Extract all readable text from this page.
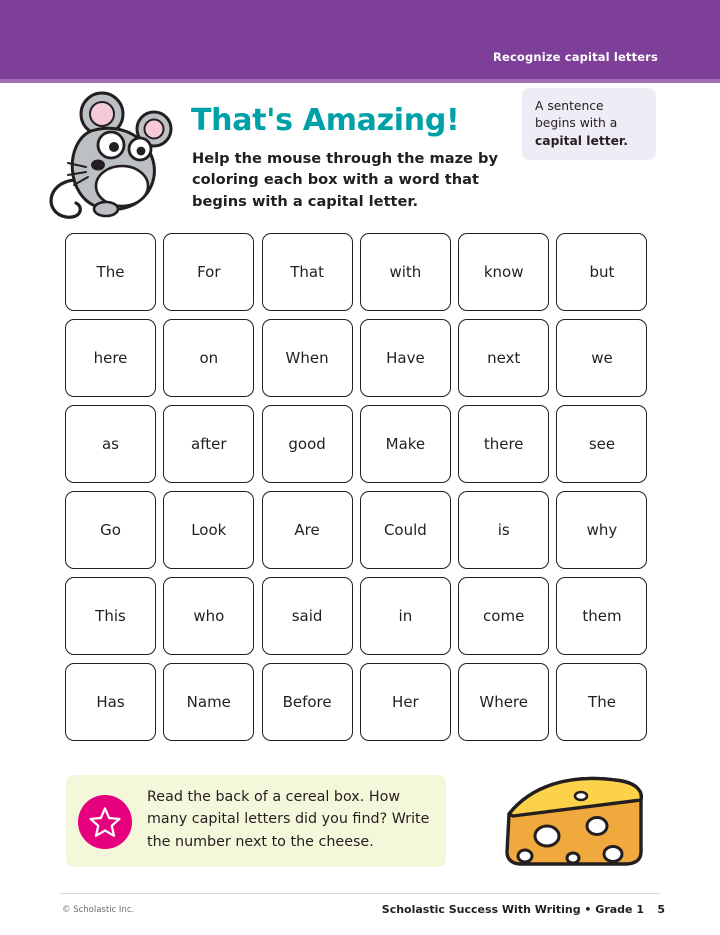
Recognize capital letters
That's Amazing!
Help the mouse through the maze by coloring each box with a word that begins with a capital letter.
A sentence
begins with a
capital letter.
The	For	That	with	know	but
here	on	When	Have	next	we
as	after	good	Make	there	see
Go	Look	Are	Could	is	why
This	who	said	in	come	them
Has	Name	Before	Her	Where	The
Read the back of a cereal box. How many capital letters did you find? Write the number next to the cheese.
© Scholastic Inc.	Scholastic Success With Writing • Grade 1 5
